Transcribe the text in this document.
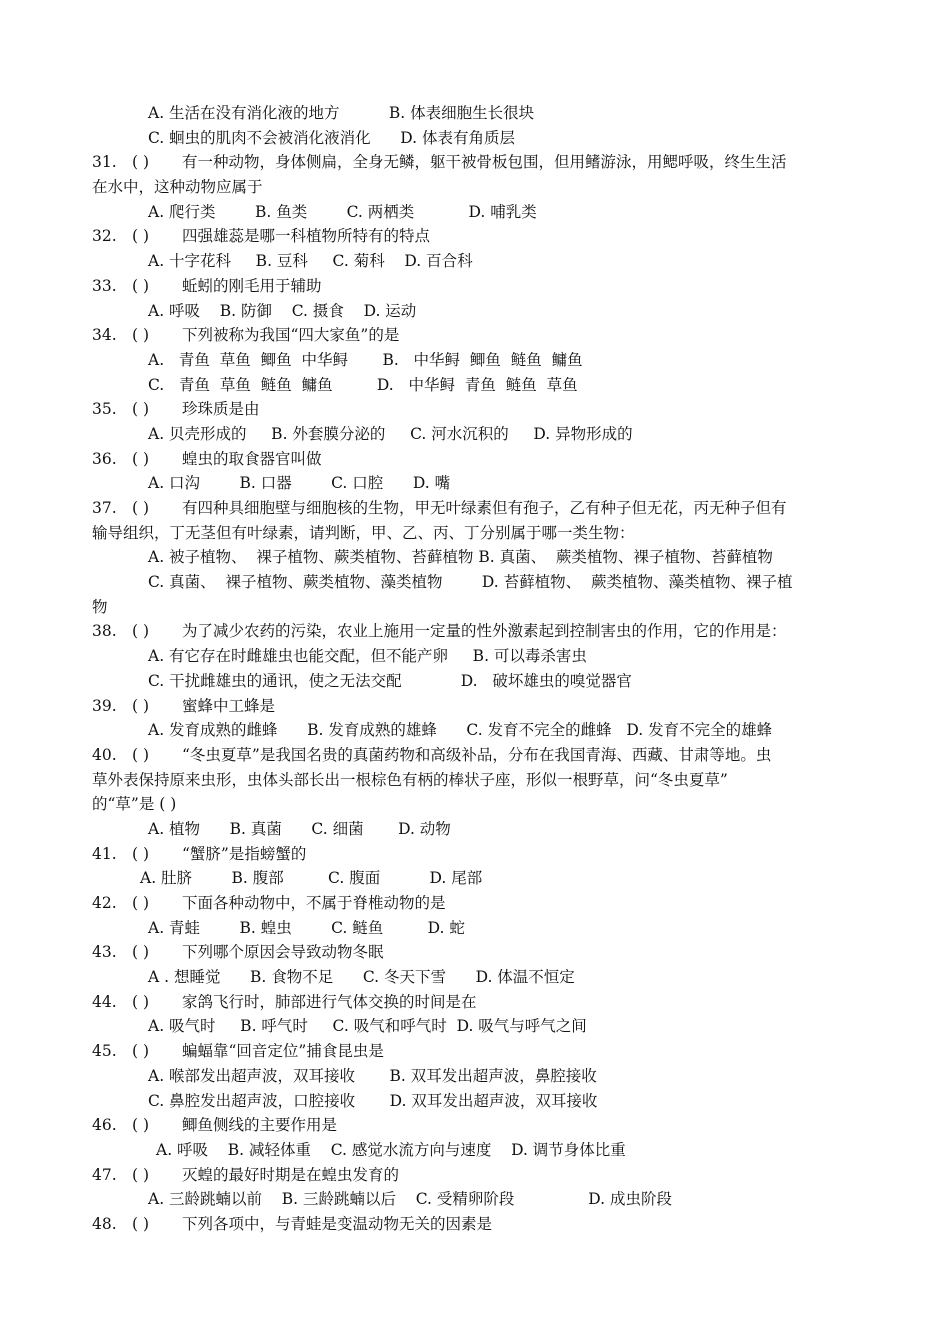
A. 生活在没有消化液的地方          B. 体表细胞生长很块
C. 蛔虫的肌肉不会被消化液消化      D. 体表有角质层
31. ( )	有一种动物，身体侧扁，全身无鳞，躯干被骨板包围，但用鳍游泳，用鳃呼吸，终生生活
在水中，这种动物应属于
A. 爬行类        B. 鱼类        C. 两栖类           D. 哺乳类
32. ( )	四强雄蕊是哪一科植物所特有的特点
A. 十字花科     B. 豆科     C. 菊科    D. 百合科
33. ( )	蚯蚓的刚毛用于辅助
A. 呼吸    B. 防御    C. 摄食    D. 运动
34. ( )	下列被称为我国“四大家鱼”的是
A.   青鱼  草鱼  鲫鱼  中华鲟       B.   中华鲟  鲫鱼  鲢鱼  鳙鱼
C.   青鱼  草鱼  鲢鱼  鳙鱼         D.   中华鲟  青鱼  鲢鱼  草鱼
35. ( )	珍珠质是由
A. 贝壳形成的     B. 外套膜分泌的     C. 河水沉积的     D. 异物形成的
36. ( )	蝗虫的取食器官叫做
A. 口沟        B. 口器        C. 口腔      D. 嘴
37. ( )	有四种具细胞壁与细胞核的生物，甲无叶绿素但有孢子，乙有种子但无花，丙无种子但有
输导组织，丁无茎但有叶绿素，请判断，甲、乙、丙、丁分别属于哪一类生物：
A. 被子植物、  裸子植物、蕨类植物、苔藓植物 B. 真菌、  蕨类植物、裸子植物、苔藓植物
C. 真菌、  裸子植物、蕨类植物、藻类植物        D. 苔藓植物、  蕨类植物、藻类植物、裸子植
物
38. ( )	为了减少农药的污染，农业上施用一定量的性外激素起到控制害虫的作用，它的作用是：
A. 有它存在时雌雄虫也能交配，但不能产卵     B. 可以毒杀害虫
C. 干扰雌雄虫的通讯，使之无法交配            D.   破坏雄虫的嗅觉器官
39. ( )	蜜蜂中工蜂是
A. 发育成熟的雌蜂      B. 发育成熟的雄蜂      C. 发育不完全的雌蜂   D. 发育不完全的雄蜂
40. ( )	“冬虫夏草”是我国名贵的真菌药物和高级补品，分布在我国青海、西藏、甘肃等地。虫
草外表保持原来虫形，虫体头部长出一根棕色有柄的棒状子座，形似一根野草，问“冬虫夏草”
的“草”是 ( )
A. 植物      B. 真菌      C. 细菌       D. 动物
41. ( )	“蟹脐”是指螃蟹的
A. 肚脐        B. 腹部         C. 腹面          D. 尾部
42. ( )	下面各种动物中，不属于脊椎动物的是
A. 青蛙        B. 蝗虫        C. 鲢鱼         D. 蛇
43. ( )	下列哪个原因会导致动物冬眠
A . 想睡觉      B. 食物不足      C. 冬天下雪      D. 体温不恒定
44. ( )	家鸽飞行时，肺部进行气体交换的时间是在
A. 吸气时     B. 呼气时     C. 吸气和呼气时  D. 吸气与呼气之间
45. ( )	蝙蝠靠“回音定位”捕食昆虫是
A. 喉部发出超声波，双耳接收       B. 双耳发出超声波，鼻腔接收
C. 鼻腔发出超声波，口腔接收       D. 双耳发出超声波，双耳接收
46. ( )	鲫鱼侧线的主要作用是
A. 呼吸    B. 减轻体重    C. 感觉水流方向与速度    D. 调节身体比重
47. ( )	灭蝗的最好时期是在蝗虫发育的
A. 三龄跳蝻以前    B. 三龄跳蝻以后    C. 受精卵阶段               D. 成虫阶段
48. ( )	下列各项中，与青蛙是变温动物无关的因素是
